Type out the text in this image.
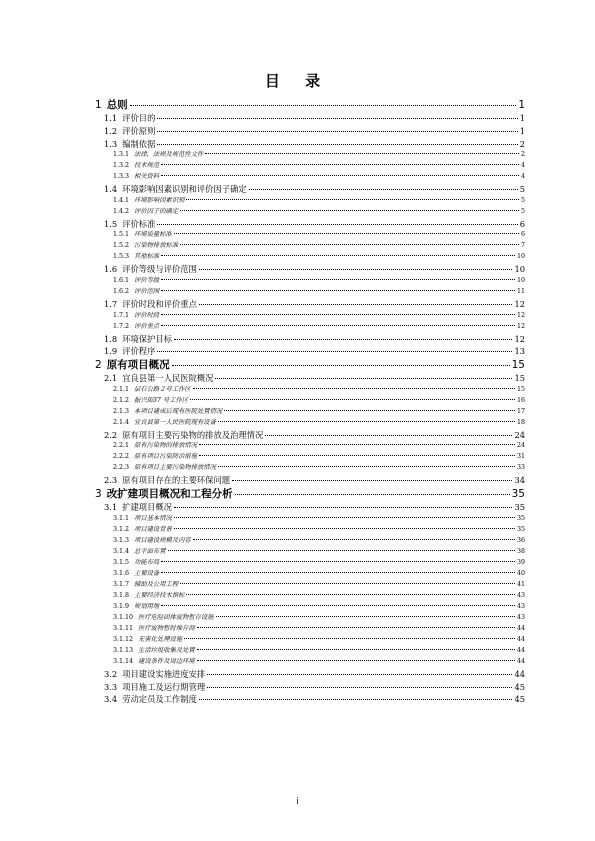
目 录
1 总则	1
1.1 评价目的	1
1.2 评价原则	1
1.3 编制依据	2
1.3.1 法律，法规及规范性文件	2
1.3.2 技术规范	4
1.3.3 相关资料	4
1.4 环境影响因素识别和评价因子确定	5
1.4.1 环境影响因素识别	5
1.4.2 评价因子的确定	5
1.5 评价标准	6
1.5.1 环境质量标准	6
1.5.2 污染物排放标准	7
1.5.3 其他标准	10
1.6 评价等级与评价范围	10
1.6.1 评价等级	10
1.6.2 评价范围	11
1.7 评价时段和评价重点	12
1.7.1 评价时段	12
1.7.2 评价重点	12
1.8 环境保护目标	12
1.9 评价程序	13
2 原有项目概况	15
2.1 宜良县第一人民医院概况	15
2.1.1 层石公路２号工作区	15
2.1.2 振兴街37 号工作区	16
2.1.3 本项目建成后现有医院处置情况	17
2.1.4 宜良县第一人民医院现有设备	18
2.2 原有项目主要污染物的排放及治理情况	24
2.2.1 原有污染物的排放情况	24
2.2.2 原有项目污染防治措施	31
2.2.3 原有项目主要污染物排放情况	33
2.3 原有项目存在的主要环保问题	34
3 改扩建项目概况和工程分析	35
3.1 扩建项目概况	35
3.1.1 项目基本情况	35
3.1.2 项目建设背景	35
3.1.3 项目建设规模及内容	36
3.1.4 总平面布置	38
3.1.5 功能布局	39
3.1.6 主要设备	40
3.1.7 辅助及公用工程	41
3.1.8 主要经济技术指标	43
3.1.9 规划用地	43
3.1.10 医疗危险固体废物暂存设施	43
3.1.11 医疗废物暂时堆存间	44
3.1.12 无害化处理设施	44
3.1.13 生活垃圾收集及处置	44
3.1.14 建设条件及周边环境	44
3.2 项目建设实施进度安排	44
3.3 项目施工及运行期管理	45
3.4 劳动定员及工作制度	45
i
